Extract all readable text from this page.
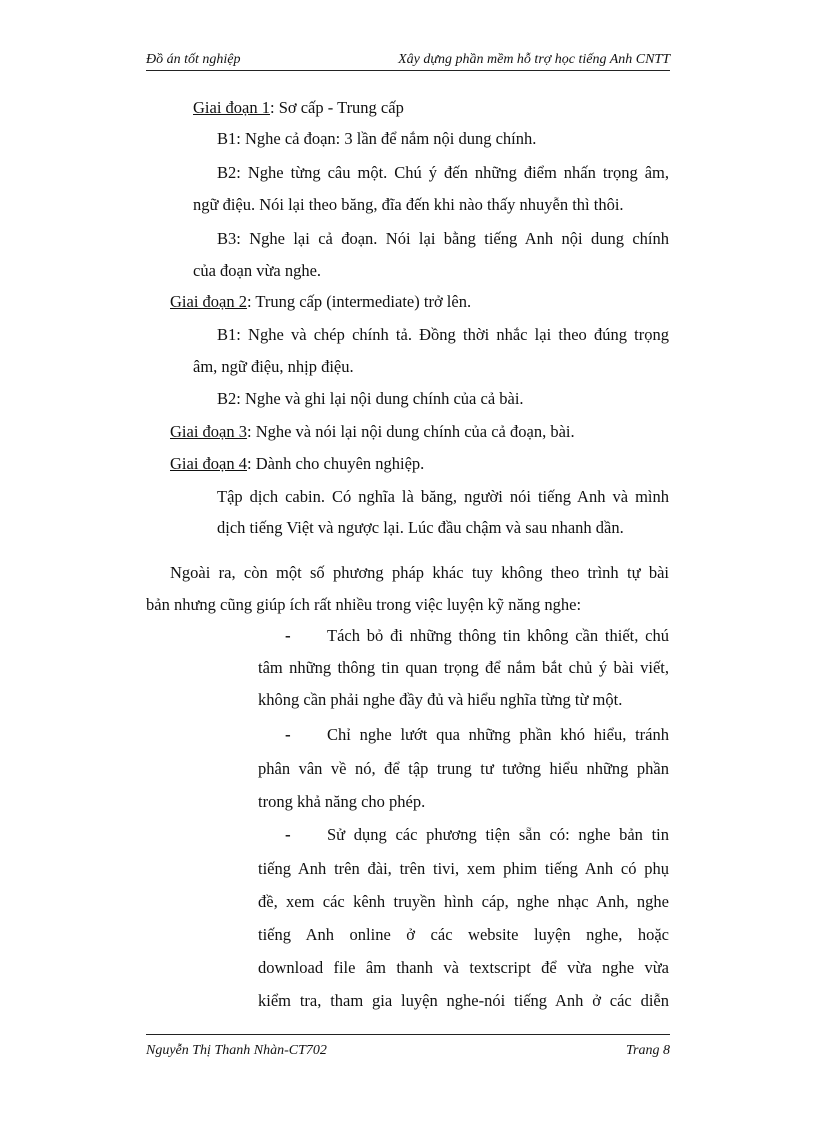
Đồ án tốt nghiệp	Xây dựng phần mềm hỗ trợ học tiếng Anh CNTT
Giai đoạn 1: Sơ cấp - Trung cấp
B1: Nghe cả đoạn: 3 lần để nắm nội dung chính.
B2: Nghe từng câu một. Chú ý đến những điểm nhấn trọng âm,
ngữ điệu. Nói lại theo băng, đĩa đến khi nào thấy nhuyễn thì thôi.
B3: Nghe lại cả đoạn. Nói lại bằng tiếng Anh nội dung chính
của đoạn vừa nghe.
Giai đoạn 2: Trung cấp (intermediate) trở lên.
B1: Nghe và chép chính tả. Đồng thời nhắc lại theo đúng trọng
âm, ngữ điệu, nhịp điệu.
B2: Nghe và ghi lại nội dung chính của cả bài.
Giai đoạn 3: Nghe và nói lại nội dung chính của cả đoạn, bài.
Giai đoạn 4: Dành cho chuyên nghiệp.
Tập dịch cabin. Có nghĩa là băng, người nói tiếng Anh và mình
dịch tiếng Việt và ngược lại. Lúc đầu chậm và sau nhanh dần.
Ngoài ra, còn một số phương pháp khác tuy không theo trình tự bài
bản nhưng cũng giúp ích rất nhiều trong việc luyện kỹ năng nghe:
- Tách bỏ đi những thông tin không cần thiết, chú
tâm những thông tin quan trọng để nắm bắt chủ ý bài viết,
không cần phải nghe đầy đủ và hiểu nghĩa từng từ một.
- Chỉ nghe lướt qua những phần khó hiểu, tránh
phân vân về nó, để tập trung tư tưởng hiểu những phần
trong khả năng cho phép.
- Sử dụng các phương tiện sẵn có: nghe bản tin
tiếng Anh trên đài, trên tivi, xem phim tiếng Anh có phụ
đề, xem các kênh truyền hình cáp, nghe nhạc Anh, nghe
tiếng Anh online ở các website luyện nghe, hoặc
download file âm thanh và textscript để vừa nghe vừa
kiểm tra, tham gia luyện nghe-nói tiếng Anh ở các diễn
Nguyễn Thị Thanh Nhàn-CT702	Trang 8
